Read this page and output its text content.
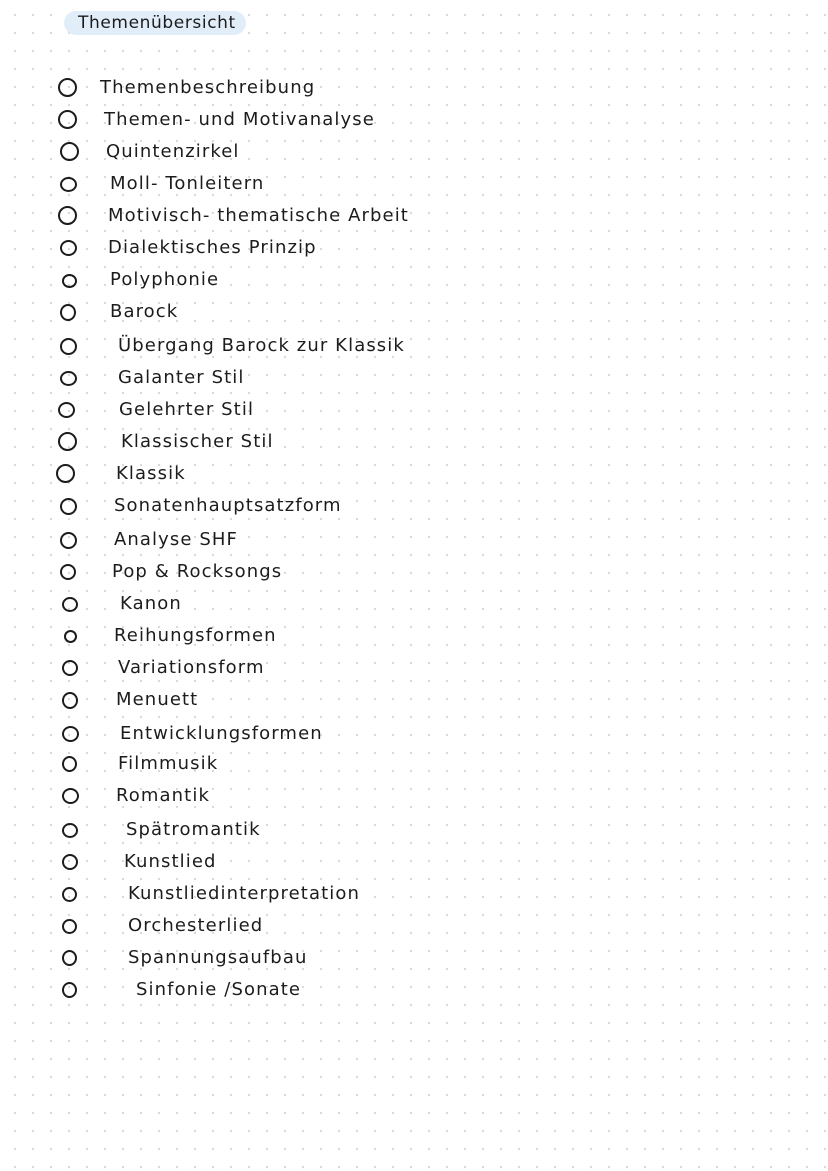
Themenübersicht
Themenbeschreibung
Themen- und Motivanalyse
Quintenzirkel
Moll- Tonleitern
Motivisch- thematische Arbeit
Dialektisches Prinzip
Polyphonie
Barock
Übergang Barock zur Klassik
Galanter Stil
Gelehrter Stil
Klassischer Stil
Klassik
Sonatenhauptsatzform
Analyse SHF
Pop & Rocksongs
Kanon
Reihungsformen
Variationsform
Menuett
Entwicklungsformen
Filmmusik
Romantik
Spätromantik
Kunstlied
Kunstliedinterpretation
Orchesterlied
Spannungsaufbau
Sinfonie /Sonate
